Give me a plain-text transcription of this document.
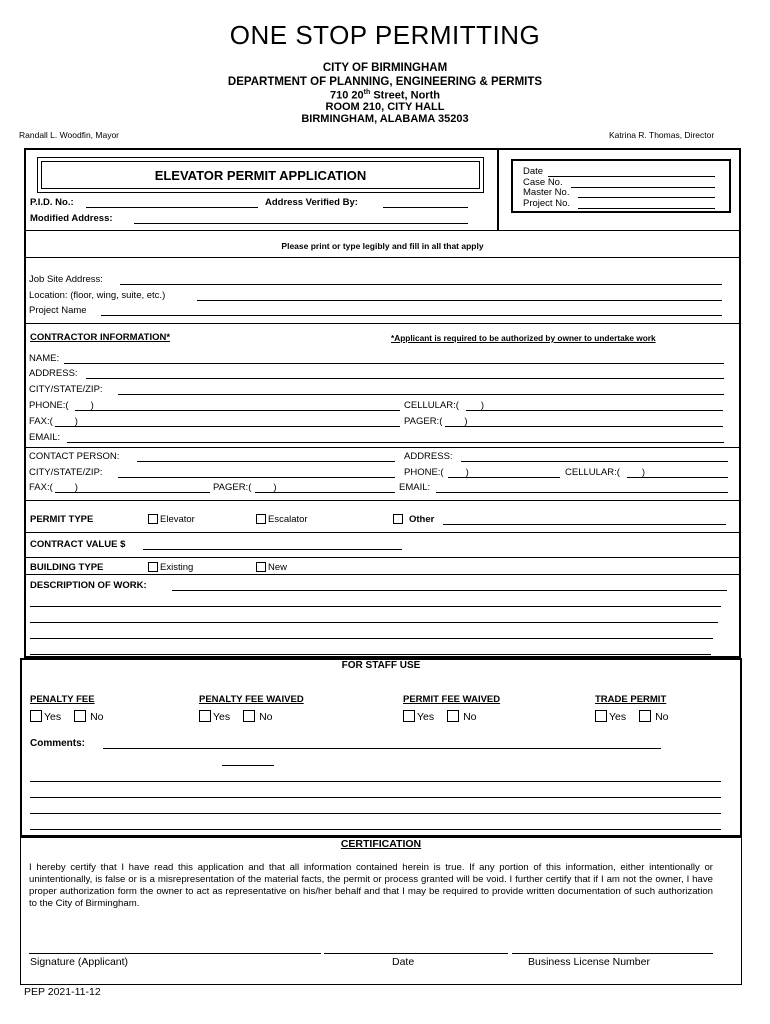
ONE STOP PERMITTING
CITY OF BIRMINGHAM
DEPARTMENT OF PLANNING, ENGINEERING & PERMITS
710 20th Street, North
ROOM 210, CITY HALL
BIRMINGHAM, ALABAMA 35203
Randall L. Woodfin, Mayor	Katrina R. Thomas, Director
ELEVATOR PERMIT APPLICATION
P.I.D. No.:	Address Verified By:
Modified Address:
Date
Case No.
Master No.
Project No.
Please print or type legibly and fill in all that apply
Job Site Address:
Location: (floor, wing, suite, etc.)
Project Name
CONTRACTOR INFORMATION*	*Applicant is required to be authorized by owner to undertake work
NAME:
ADDRESS:
CITY/STATE/ZIP:
PHONE:( )	CELLULAR:( )
FAX:( )	PAGER:( )
EMAIL:
CONTACT PERSON:	ADDRESS:
CITY/STATE/ZIP:	PHONE:( )	CELLULAR:( )
FAX:( )	PAGER:( )	EMAIL:
PERMIT TYPE	Elevator	Escalator	Other
CONTRACT VALUE $
BUILDING TYPE	Existing	New
DESCRIPTION OF WORK:
FOR STAFF USE
PENALTY FEE	PENALTY FEE WAIVED	PERMIT FEE WAIVED	TRADE PERMIT
Yes	No	Yes	No	Yes	No	Yes	No
Comments:
CERTIFICATION
I hereby certify that I have read this application and that all information contained herein is true. If any portion of this information, either intentionally or unintentionally, is false or is a misrepresentation of the material facts, the permit or process granted will be void. I further certify that if I am not the owner, I have proper authorization form the owner to act as representative on his/her behalf and that I may be required to provide written documentation of such authorization to the City of Birmingham.
Signature (Applicant)	Date	Business License Number
PEP 2021-11-12
